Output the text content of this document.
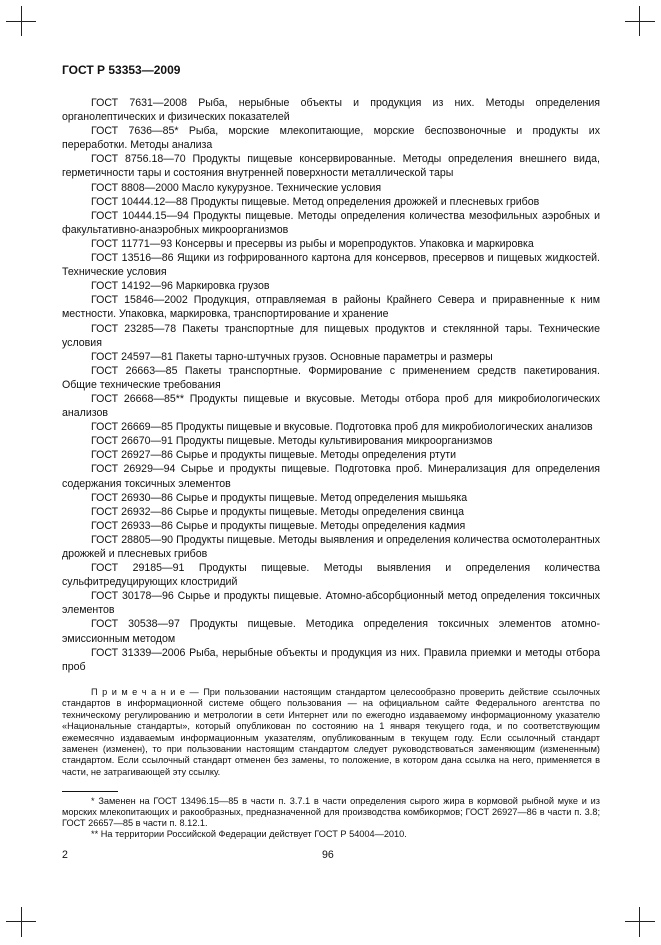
ГОСТ Р 53353—2009

ГОСТ 7631—2008 Рыба, нерыбные объекты и продукция из них. Методы определения органолептических и физических показателей

ГОСТ 7636—85* Рыба, морские млекопитающие, морские беспозвоночные и продукты их переработки. Методы анализа

ГОСТ 8756.18—70 Продукты пищевые консервированные. Методы определения внешнего вида, герметичности тары и состояния внутренней поверхности металлической тары

ГОСТ 8808—2000 Масло кукурузное. Технические условия

ГОСТ 10444.12—88 Продукты пищевые. Метод определения дрожжей и плесневых грибов

ГОСТ 10444.15—94 Продукты пищевые. Методы определения количества мезофильных аэробных и факультативно-анаэробных микроорганизмов

ГОСТ 11771—93 Консервы и пресервы из рыбы и морепродуктов. Упаковка и маркировка

ГОСТ 13516—86 Ящики из гофрированного картона для консервов, пресервов и пищевых жидкостей. Технические условия

ГОСТ 14192—96 Маркировка грузов

ГОСТ 15846—2002 Продукция, отправляемая в районы Крайнего Севера и приравненные к ним местности. Упаковка, маркировка, транспортирование и хранение

ГОСТ 23285—78 Пакеты транспортные для пищевых продуктов и стеклянной тары. Технические условия

ГОСТ 24597—81 Пакеты тарно-штучных грузов. Основные параметры и размеры

ГОСТ 26663—85 Пакеты транспортные. Формирование с применением средств пакетирования. Общие технические требования

ГОСТ 26668—85** Продукты пищевые и вкусовые. Методы отбора проб для микробиологических анализов

ГОСТ 26669—85 Продукты пищевые и вкусовые. Подготовка проб для микробиологических анализов

ГОСТ 26670—91 Продукты пищевые. Методы культивирования микроорганизмов

ГОСТ 26927—86 Сырье и продукты пищевые. Методы определения ртути

ГОСТ 26929—94 Сырье и продукты пищевые. Подготовка проб. Минерализация для определения содержания токсичных элементов

ГОСТ 26930—86 Сырье и продукты пищевые. Метод определения мышьяка

ГОСТ 26932—86 Сырье и продукты пищевые. Методы определения свинца

ГОСТ 26933—86 Сырье и продукты пищевые. Методы определения кадмия

ГОСТ 28805—90 Продукты пищевые. Методы выявления и определения количества осмотолерантных дрожжей и плесневых грибов

ГОСТ 29185—91 Продукты пищевые. Методы выявления и определения количества сульфитредуцирующих клостридий

ГОСТ 30178—96 Сырье и продукты пищевые. Атомно-абсорбционный метод определения токсичных элементов

ГОСТ 30538—97 Продукты пищевые. Методика определения токсичных элементов атомно-эмиссионным методом

ГОСТ 31339—2006 Рыба, нерыбные объекты и продукция из них. Правила приемки и методы отбора проб

П р и м е ч а н и е — При пользовании настоящим стандартом целесообразно проверить действие ссылочных стандартов в информационной системе общего пользования — на официальном сайте Федерального агентства по техническому регулированию и метрологии в сети Интернет или по ежегодно издаваемому информационному указателю «Национальные стандарты», который опубликован по состоянию на 1 января текущего года, и по соответствующим ежемесячно издаваемым информационным указателям, опубликованным в текущем году. Если ссылочный стандарт заменен (изменен), то при пользовании настоящим стандартом следует руководствоваться заменяющим (измененным) стандартом. Если ссылочный стандарт отменен без замены, то положение, в котором дана ссылка на него, применяется в части, не затрагивающей эту ссылку.

* Заменен на ГОСТ 13496.15—85 в части п. 3.7.1 в части определения сырого жира в кормовой рыбной муке и из морских млекопитающих и ракообразных, предназначенной для производства комбикормов; ГОСТ 26927—86 в части п. 3.8; ГОСТ 26657—85 в части п. 8.12.1.

** На территории Российской Федерации действует ГОСТ Р 54004—2010.

2	96
